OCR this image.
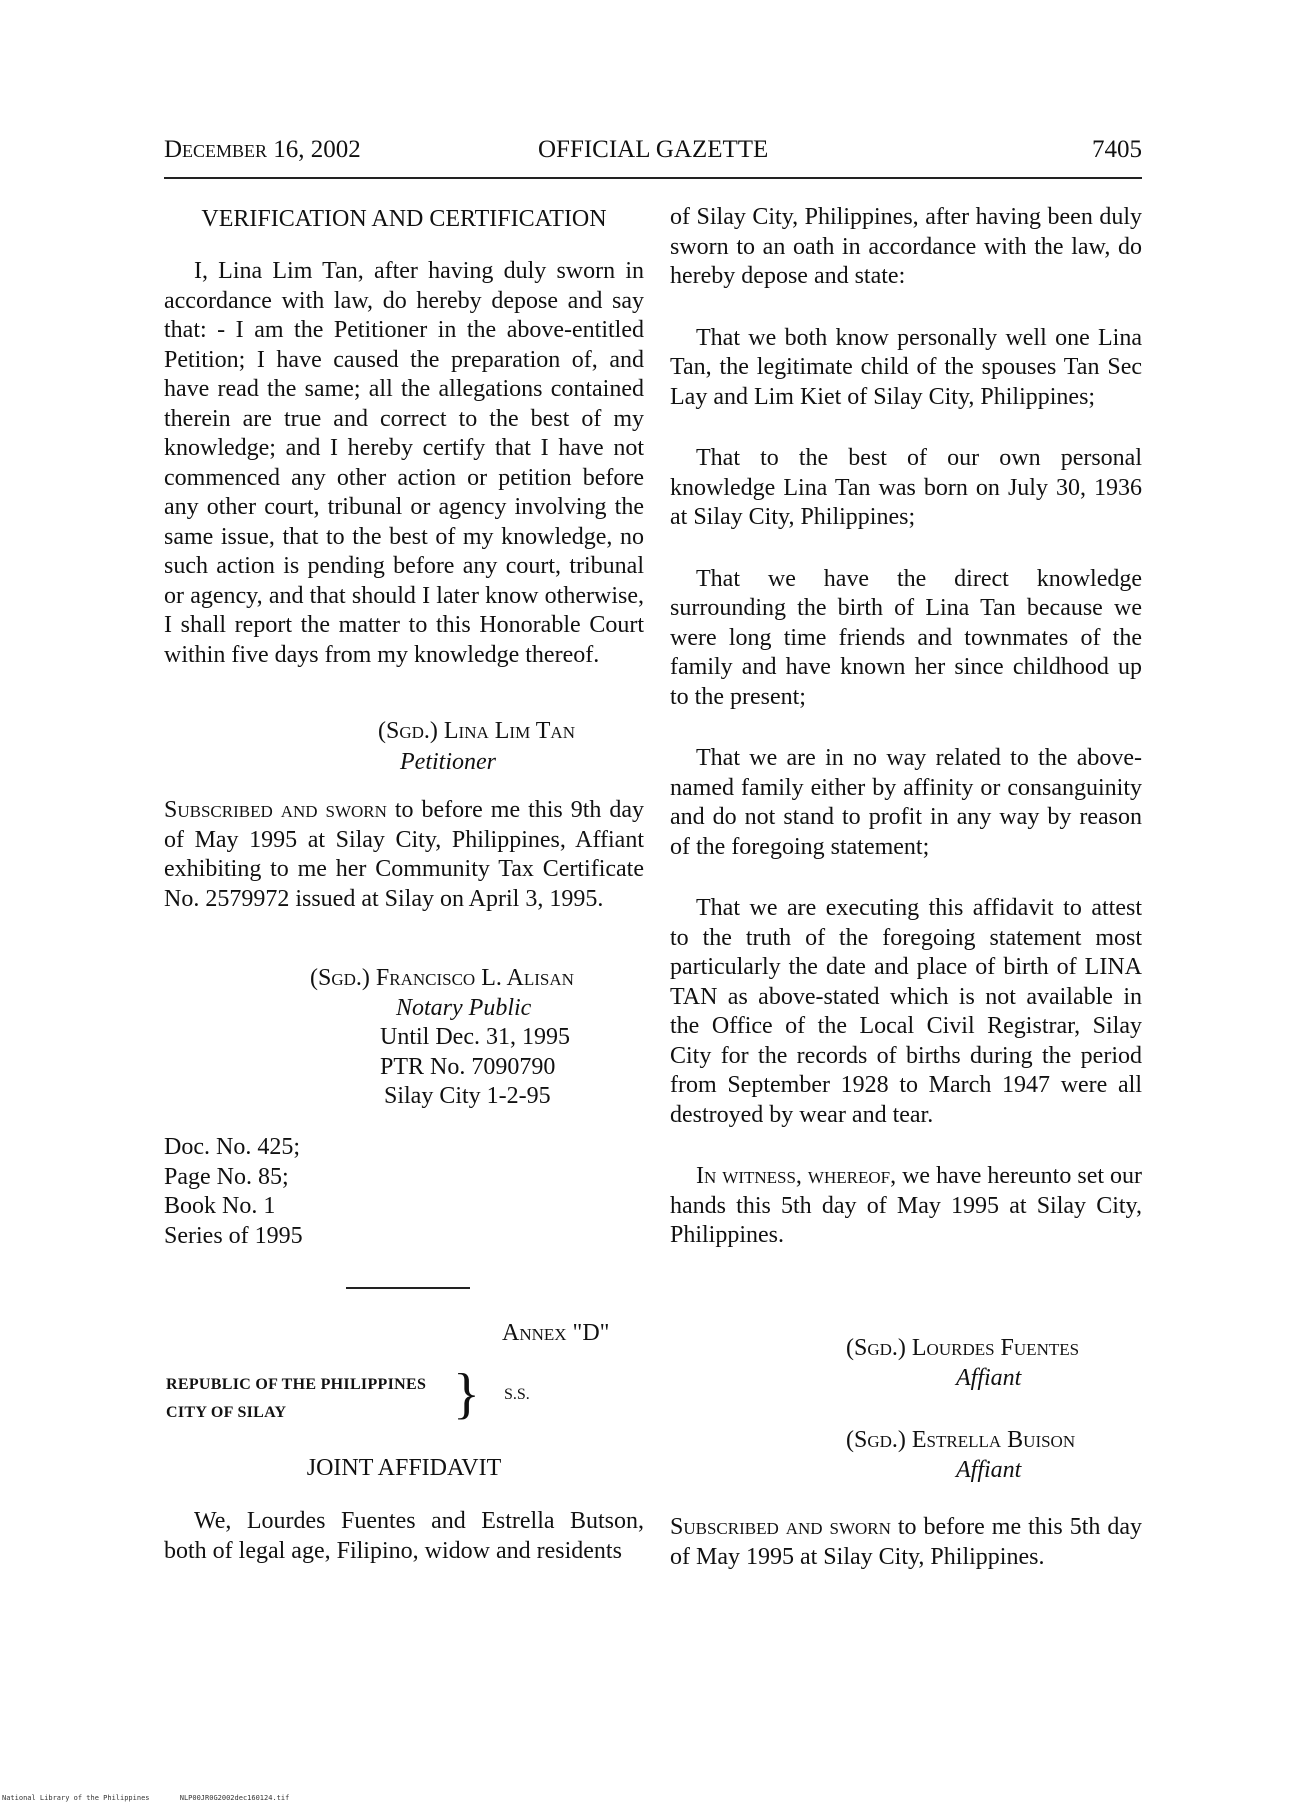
December 16, 2002	OFFICIAL GAZETTE	7405
VERIFICATION AND CERTIFICATION

I, Lina Lim Tan, after having duly sworn in accordance with law, do hereby depose and say that: - I am the Petitioner in the above-entitled Petition; I have caused the preparation of, and have read the same; all the allegations contained therein are true and correct to the best of my knowledge; and I hereby certify that I have not commenced any other action or petition before any other court, tribunal or agency involving the same issue, that to the best of my knowledge, no such action is pending before any court, tribunal or agency, and that should I later know otherwise, I shall report the matter to this Honorable Court within five days from my knowledge thereof.

(Sgd.) Lina Lim Tan
Petitioner

Subscribed and sworn to before me this 9th day of May 1995 at Silay City, Philippines, Affiant exhibiting to me her Community Tax Certificate No. 2579972 issued at Silay on April 3, 1995.

(Sgd.) Francisco L. Alisan
Notary Public
Until Dec. 31, 1995
PTR No. 7090790
Silay City 1-2-95
Doc. No. 425;
Page No. 85;
Book No. 1
Series of 1995
Annex "D"
REPUBLIC OF THE PHILIPPINES
CITY OF SILAY	} S.S.
JOINT AFFIDAVIT

We, Lourdes Fuentes and Estrella Butson, both of legal age, Filipino, widow and residents

of Silay City, Philippines, after having been duly sworn to an oath in accordance with the law, do hereby depose and state:

That we both know personally well one Lina Tan, the legitimate child of the spouses Tan Sec Lay and Lim Kiet of Silay City, Philippines;

That to the best of our own personal knowledge Lina Tan was born on July 30, 1936 at Silay City, Philippines;

That we have the direct knowledge surrounding the birth of Lina Tan because we were long time friends and townmates of the family and have known her since childhood up to the present;

That we are in no way related to the above-named family either by affinity or consanguinity and do not stand to profit in any way by reason of the foregoing statement;

That we are executing this affidavit to attest to the truth of the foregoing statement most particularly the date and place of birth of LINA TAN as above-stated which is not available in the Office of the Local Civil Registrar, Silay City for the records of births during the period from September 1928 to March 1947 were all destroyed by wear and tear.

In witness, whereof, we have hereunto set our hands this 5th day of May 1995 at Silay City, Philippines.

(Sgd.) Lourdes Fuentes
Affiant
(Sgd.) Estrella Buison
Affiant

Subscribed and sworn to before me this 5th day of May 1995 at Silay City, Philippines.

National Library of the Philippines	NLP00JR0G2002dec160124.tif
